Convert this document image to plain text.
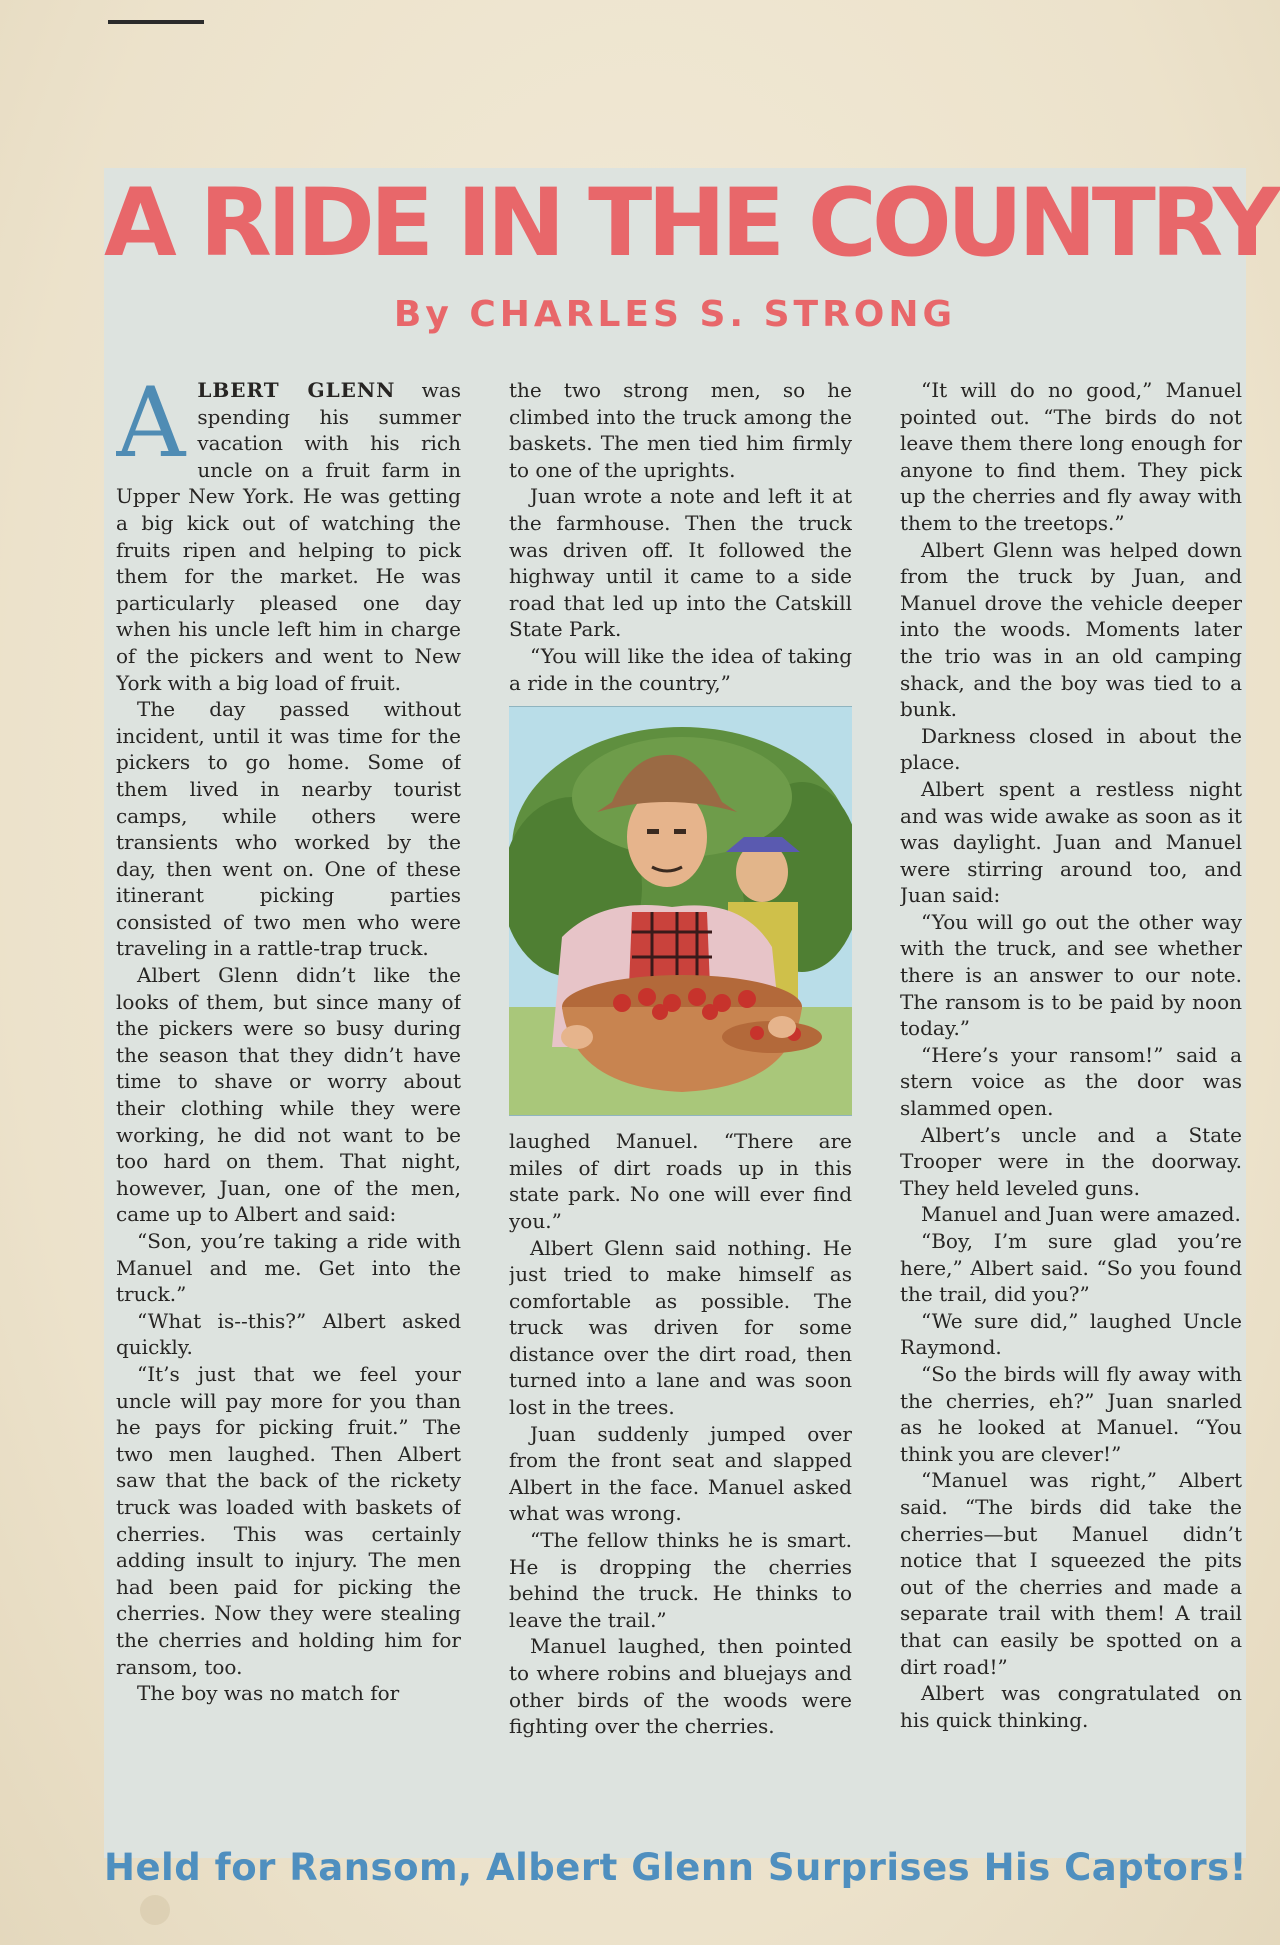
A RIDE IN THE COUNTRY
By CHARLES S. STRONG

ALBERT GLENN was spending his summer vacation with his rich uncle on a fruit farm in Upper New York. He was getting a big kick out of watching the fruits ripen and helping to pick them for the market. He was particularly pleased one day when his uncle left him in charge of the pickers and went to New York with a big load of fruit.

The day passed without incident, until it was time for the pickers to go home. Some of them lived in nearby tourist camps, while others were transients who worked by the day, then went on. One of these itinerant picking parties consisted of two men who were traveling in a rattle-trap truck.

Albert Glenn didn’t like the looks of them, but since many of the pickers were so busy during the season that they didn’t have time to shave or worry about their clothing while they were working, he did not want to be too hard on them. That night, however, Juan, one of the men, came up to Albert and said:

“Son, you’re taking a ride with Manuel and me. Get into the truck.”

“What is--this?” Albert asked quickly.

“It’s just that we feel your uncle will pay more for you than he pays for picking fruit.” The two men laughed. Then Albert saw that the back of the rickety truck was loaded with baskets of cherries. This was certainly adding insult to injury. The men had been paid for picking the cherries. Now they were stealing the cherries and holding him for ransom, too.

The boy was no match for

the two strong men, so he climbed into the truck among the baskets. The men tied him firmly to one of the uprights.

Juan wrote a note and left it at the farmhouse. Then the truck was driven off. It followed the highway until it came to a side road that led up into the Catskill State Park.

“You will like the idea of taking a ride in the country,”

laughed Manuel. “There are miles of dirt roads up in this state park. No one will ever find you.”

Albert Glenn said nothing. He just tried to make himself as comfortable as possible. The truck was driven for some distance over the dirt road, then turned into a lane and was soon lost in the trees.

Juan suddenly jumped over from the front seat and slapped Albert in the face. Manuel asked what was wrong.

“The fellow thinks he is smart. He is dropping the cherries behind the truck. He thinks to leave the trail.”

Manuel laughed, then pointed to where robins and bluejays and other birds of the woods were fighting over the cherries.

“It will do no good,” Manuel pointed out. “The birds do not leave them there long enough for anyone to find them. They pick up the cherries and fly away with them to the treetops.”

Albert Glenn was helped down from the truck by Juan, and Manuel drove the vehicle deeper into the woods. Moments later the trio was in an old camping shack, and the boy was tied to a bunk.

Darkness closed in about the place.

Albert spent a restless night and was wide awake as soon as it was daylight. Juan and Manuel were stirring around too, and Juan said:

“You will go out the other way with the truck, and see whether there is an answer to our note. The ransom is to be paid by noon today.”

“Here’s your ransom!” said a stern voice as the door was slammed open.

Albert’s uncle and a State Trooper were in the doorway. They held leveled guns.

Manuel and Juan were amazed.

“Boy, I’m sure glad you’re here,” Albert said. “So you found the trail, did you?”

“We sure did,” laughed Uncle Raymond.

“So the birds will fly away with the cherries, eh?” Juan snarled as he looked at Manuel. “You think you are clever!”

“Manuel was right,” Albert said. “The birds did take the cherries—but Manuel didn’t notice that I squeezed the pits out of the cherries and made a separate trail with them! A trail that can easily be spotted on a dirt road!”

Albert was congratulated on his quick thinking.

Held for Ransom, Albert Glenn Surprises His Captors!
